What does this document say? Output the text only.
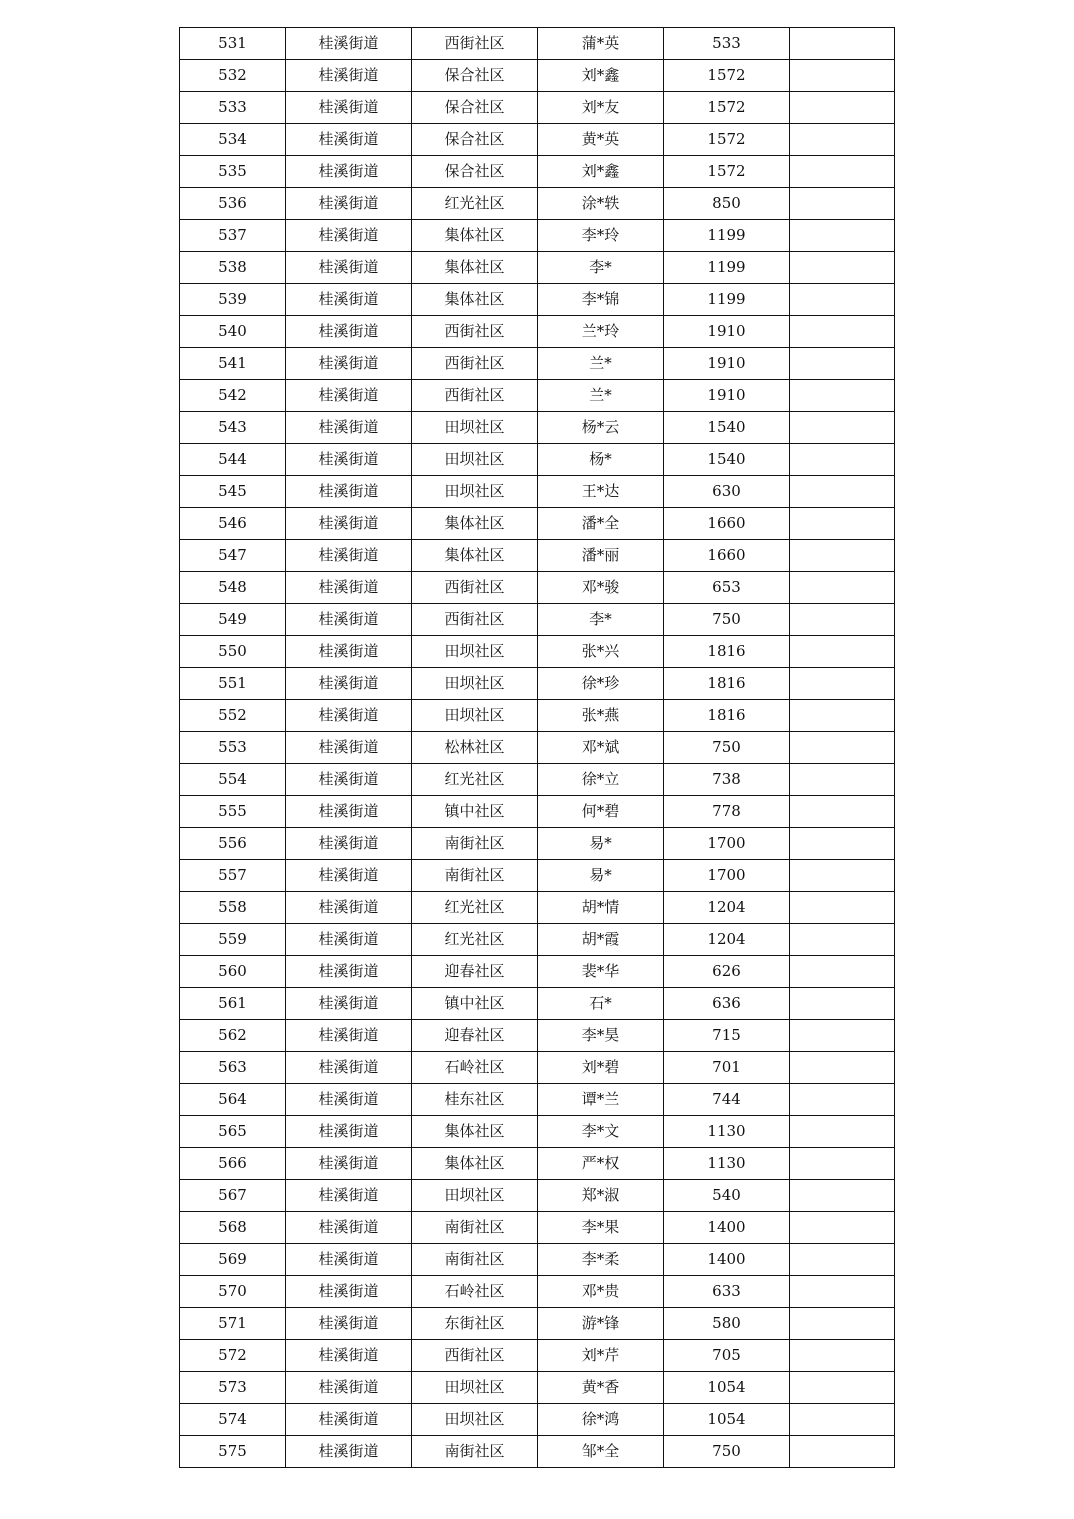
531	桂溪街道	西街社区	蒲*英	533	
532	桂溪街道	保合社区	刘*鑫	1572	
533	桂溪街道	保合社区	刘*友	1572	
534	桂溪街道	保合社区	黄*英	1572	
535	桂溪街道	保合社区	刘*鑫	1572	
536	桂溪街道	红光社区	涂*轶	850	
537	桂溪街道	集体社区	李*玲	1199	
538	桂溪街道	集体社区	李*	1199	
539	桂溪街道	集体社区	李*锦	1199	
540	桂溪街道	西街社区	兰*玲	1910	
541	桂溪街道	西街社区	兰*	1910	
542	桂溪街道	西街社区	兰*	1910	
543	桂溪街道	田坝社区	杨*云	1540	
544	桂溪街道	田坝社区	杨*	1540	
545	桂溪街道	田坝社区	王*达	630	
546	桂溪街道	集体社区	潘*全	1660	
547	桂溪街道	集体社区	潘*丽	1660	
548	桂溪街道	西街社区	邓*骏	653	
549	桂溪街道	西街社区	李*	750	
550	桂溪街道	田坝社区	张*兴	1816	
551	桂溪街道	田坝社区	徐*珍	1816	
552	桂溪街道	田坝社区	张*燕	1816	
553	桂溪街道	松林社区	邓*斌	750	
554	桂溪街道	红光社区	徐*立	738	
555	桂溪街道	镇中社区	何*碧	778	
556	桂溪街道	南街社区	易*	1700	
557	桂溪街道	南街社区	易*	1700	
558	桂溪街道	红光社区	胡*情	1204	
559	桂溪街道	红光社区	胡*霞	1204	
560	桂溪街道	迎春社区	裴*华	626	
561	桂溪街道	镇中社区	石*	636	
562	桂溪街道	迎春社区	李*昊	715	
563	桂溪街道	石岭社区	刘*碧	701	
564	桂溪街道	桂东社区	谭*兰	744	
565	桂溪街道	集体社区	李*文	1130	
566	桂溪街道	集体社区	严*权	1130	
567	桂溪街道	田坝社区	郑*淑	540	
568	桂溪街道	南街社区	李*果	1400	
569	桂溪街道	南街社区	李*柔	1400	
570	桂溪街道	石岭社区	邓*贵	633	
571	桂溪街道	东街社区	游*锋	580	
572	桂溪街道	西街社区	刘*芹	705	
573	桂溪街道	田坝社区	黄*香	1054	
574	桂溪街道	田坝社区	徐*鸿	1054	
575	桂溪街道	南街社区	邹*全	750	
